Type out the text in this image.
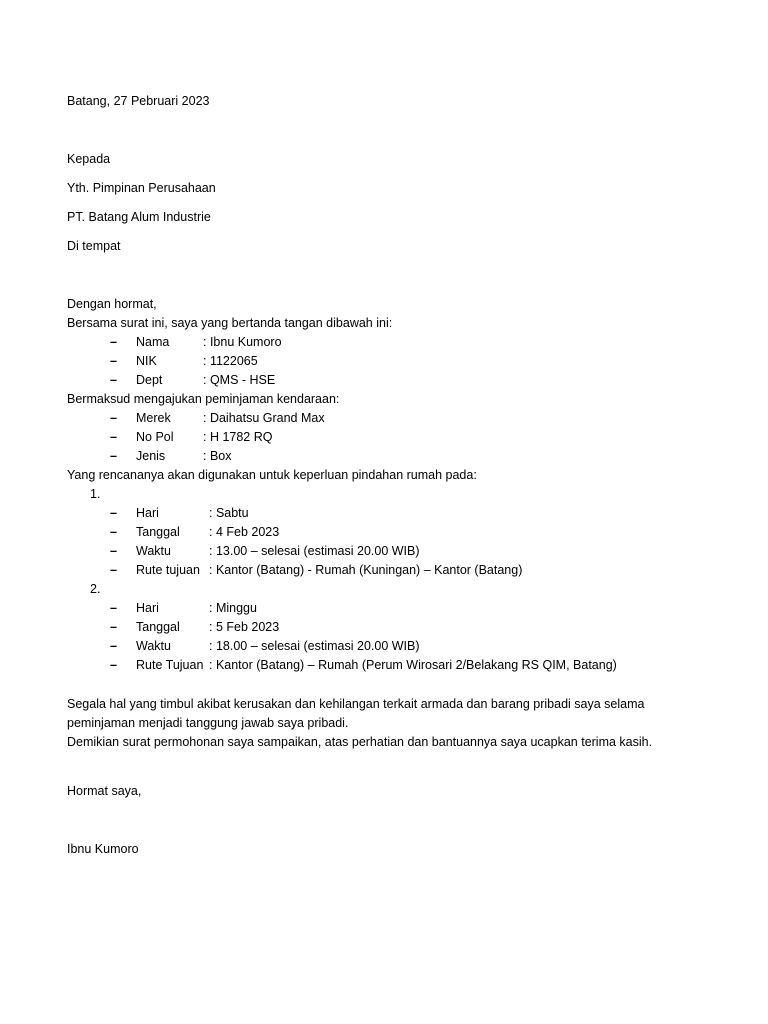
Batang, 27 Pebruari 2023
Kepada
Yth. Pimpinan Perusahaan
PT. Batang Alum Industrie
Di tempat
Dengan hormat,
Bersama surat ini, saya yang bertanda tangan dibawah ini:
– Nama	: Ibnu Kumoro
– NIK	: 1122065
– Dept	: QMS - HSE
Bermaksud mengajukan peminjaman kendaraan:
– Merek	: Daihatsu Grand Max
– No Pol : H 1782 RQ
– Jenis	: Box
Yang rencananya akan digunakan untuk keperluan pindahan rumah pada:
1.
– Hari	: Sabtu
– Tanggal : 4 Feb 2023
– Waktu	: 13.00 – selesai (estimasi 20.00 WIB)
– Rute tujuan : Kantor (Batang) - Rumah (Kuningan) – Kantor (Batang)
2.
– Hari	: Minggu
– Tanggal : 5 Feb 2023
– Waktu	: 18.00 – selesai (estimasi 20.00 WIB)
– Rute Tujuan : Kantor (Batang) – Rumah (Perum Wirosari 2/Belakang RS QIM, Batang)
Segala hal yang timbul akibat kerusakan dan kehilangan terkait armada dan barang pribadi saya selama
peminjaman menjadi tanggung jawab saya pribadi.
Demikian surat permohonan saya sampaikan, atas perhatian dan bantuannya saya ucapkan terima kasih.
Hormat saya,
Ibnu Kumoro
